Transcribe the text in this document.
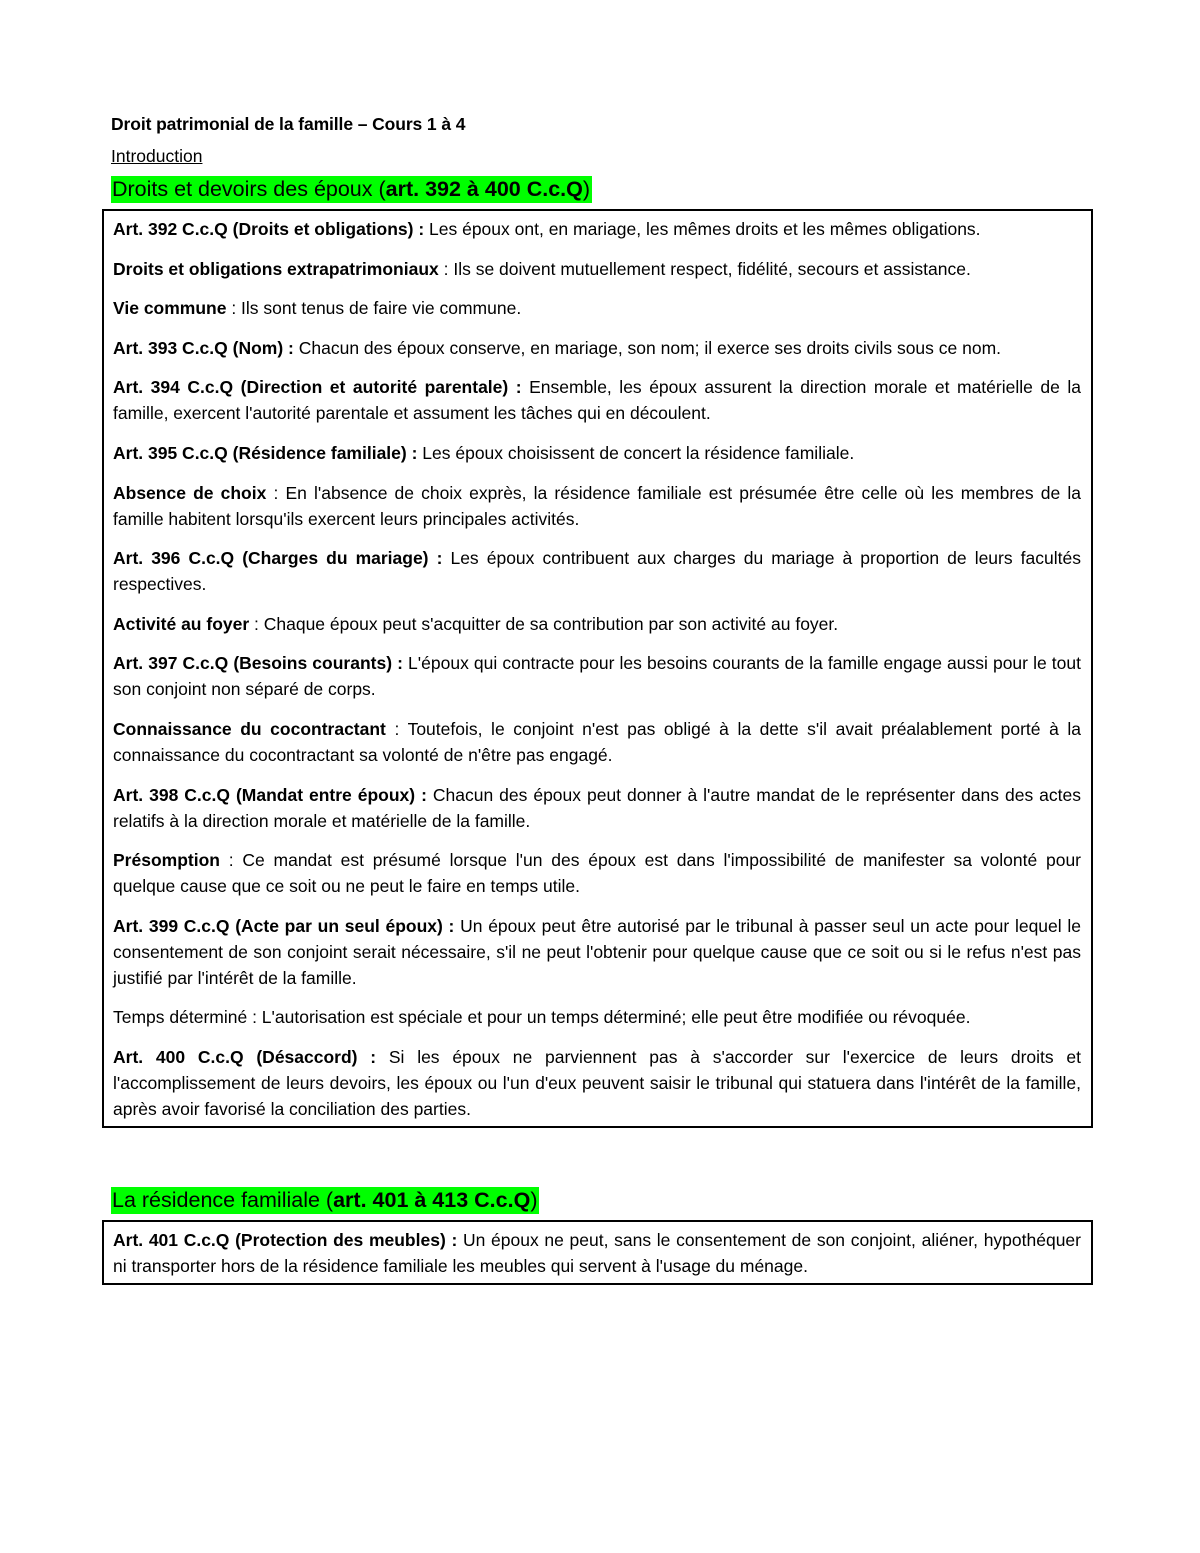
Droit patrimonial de la famille – Cours 1 à 4
Introduction
Droits et devoirs des époux (art. 392 à 400 C.c.Q)
Art. 392 C.c.Q (Droits et obligations) : Les époux ont, en mariage, les mêmes droits et les mêmes obligations.
Droits et obligations extrapatrimoniaux : Ils se doivent mutuellement respect, fidélité, secours et assistance.
Vie commune : Ils sont tenus de faire vie commune.
Art. 393 C.c.Q (Nom) : Chacun des époux conserve, en mariage, son nom; il exerce ses droits civils sous ce nom.
Art. 394 C.c.Q (Direction et autorité parentale) : Ensemble, les époux assurent la direction morale et matérielle de la famille, exercent l'autorité parentale et assument les tâches qui en découlent.
Art. 395 C.c.Q (Résidence familiale) : Les époux choisissent de concert la résidence familiale.
Absence de choix : En l'absence de choix exprès, la résidence familiale est présumée être celle où les membres de la famille habitent lorsqu'ils exercent leurs principales activités.
Art. 396 C.c.Q (Charges du mariage) : Les époux contribuent aux charges du mariage à proportion de leurs facultés respectives.
Activité au foyer : Chaque époux peut s'acquitter de sa contribution par son activité au foyer.
Art. 397 C.c.Q (Besoins courants) : L'époux qui contracte pour les besoins courants de la famille engage aussi pour le tout son conjoint non séparé de corps.
Connaissance du cocontractant : Toutefois, le conjoint n'est pas obligé à la dette s'il avait préalablement porté à la connaissance du cocontractant sa volonté de n'être pas engagé.
Art. 398 C.c.Q (Mandat entre époux) : Chacun des époux peut donner à l'autre mandat de le représenter dans des actes relatifs à la direction morale et matérielle de la famille.
Présomption : Ce mandat est présumé lorsque l'un des époux est dans l'impossibilité de manifester sa volonté pour quelque cause que ce soit ou ne peut le faire en temps utile.
Art. 399 C.c.Q (Acte par un seul époux) : Un époux peut être autorisé par le tribunal à passer seul un acte pour lequel le consentement de son conjoint serait nécessaire, s'il ne peut l'obtenir pour quelque cause que ce soit ou si le refus n'est pas justifié par l'intérêt de la famille.
Temps déterminé : L'autorisation est spéciale et pour un temps déterminé; elle peut être modifiée ou révoquée.
Art. 400 C.c.Q (Désaccord) : Si les époux ne parviennent pas à s'accorder sur l'exercice de leurs droits et l'accomplissement de leurs devoirs, les époux ou l'un d'eux peuvent saisir le tribunal qui statuera dans l'intérêt de la famille, après avoir favorisé la conciliation des parties.
La résidence familiale (art. 401 à 413 C.c.Q)
Art. 401 C.c.Q (Protection des meubles) : Un époux ne peut, sans le consentement de son conjoint, aliéner, hypothéquer ni transporter hors de la résidence familiale les meubles qui servent à l'usage du ménage.
